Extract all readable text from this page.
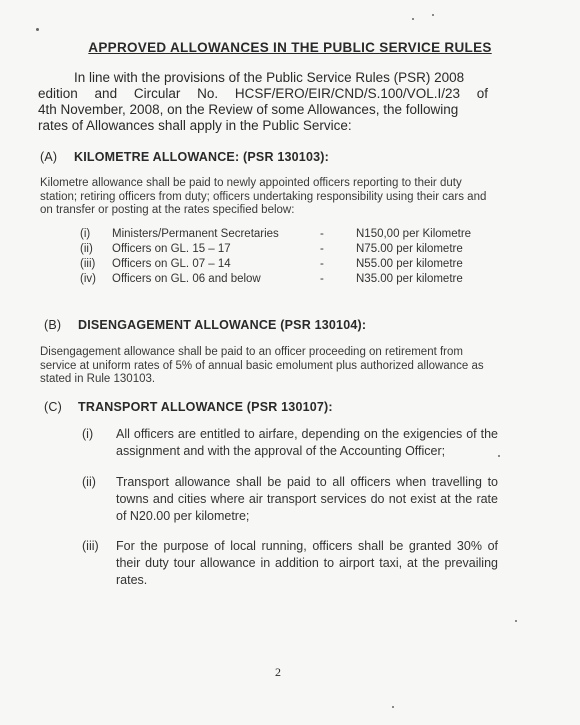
APPROVED ALLOWANCES IN THE PUBLIC SERVICE RULES
In line with the provisions of the Public Service Rules (PSR) 2008
edition and Circular No. HCSF/ERO/EIR/CND/S.100/VOL.I/23 of
4th November, 2008, on the Review of some Allowances, the following
rates of Allowances shall apply in the Public Service:
(A) KILOMETRE ALLOWANCE: (PSR 130103):
Kilometre allowance shall be paid to newly appointed officers reporting to their duty station; retiring officers from duty; officers undertaking responsibility using their cars and on transfer or posting at the rates specified below:
(i) Ministers/Permanent Secretaries	-	N150,00 per Kilometre
(ii) Officers on GL. 15 – 17	-	N75.00 per kilometre
(iii) Officers on GL. 07 – 14	-	N55.00 per kilometre
(iv) Officers on GL. 06 and below	-	N35.00 per kilometre
(B) DISENGAGEMENT ALLOWANCE (PSR 130104):
Disengagement allowance shall be paid to an officer proceeding on retirement from service at uniform rates of 5% of annual basic emolument plus authorized allowance as stated in Rule 130103.
(C) TRANSPORT ALLOWANCE (PSR 130107):
(i) All officers are entitled to airfare, depending on the exigencies of the assignment and with the approval of the Accounting Officer;
(ii) Transport allowance shall be paid to all officers when travelling to towns and cities where air transport services do not exist at the rate of N20.00 per kilometre;
(iii) For the purpose of local running, officers shall be granted 30% of their duty tour allowance in addition to airport taxi, at the prevailing rates.
2
